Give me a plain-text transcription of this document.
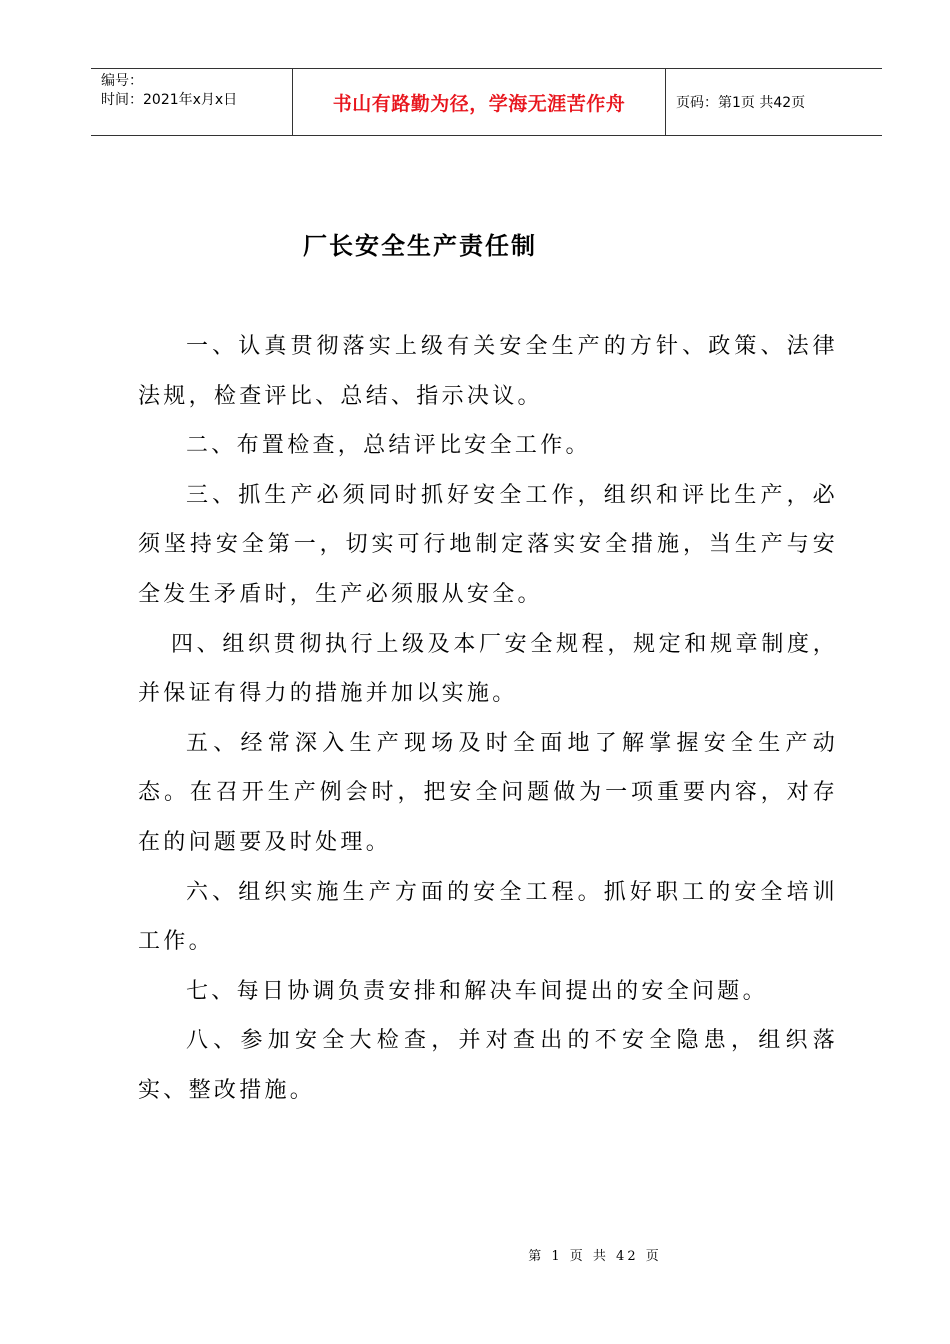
编号：
时间：2021年x月x日	书山有路勤为径，学海无涯苦作舟	页码：第1页 共42页
厂长安全生产责任制

一、认真贯彻落实上级有关安全生产的方针、政策、法律法规，检查评比、总结、指示决议。

二、布置检查，总结评比安全工作。

三、抓生产必须同时抓好安全工作，组织和评比生产，必须坚持安全第一，切实可行地制定落实安全措施，当生产与安全发生矛盾时，生产必须服从安全。

四、组织贯彻执行上级及本厂安全规程，规定和规章制度，并保证有得力的措施并加以实施。

五、经常深入生产现场及时全面地了解掌握安全生产动态。在召开生产例会时，把安全问题做为一项重要内容，对存在的问题要及时处理。

六、组织实施生产方面的安全工程。抓好职工的安全培训工作。

七、每日协调负责安排和解决车间提出的安全问题。

八、参加安全大检查，并对查出的不安全隐患，组织落实、整改措施。

第 1 页 共 42 页
